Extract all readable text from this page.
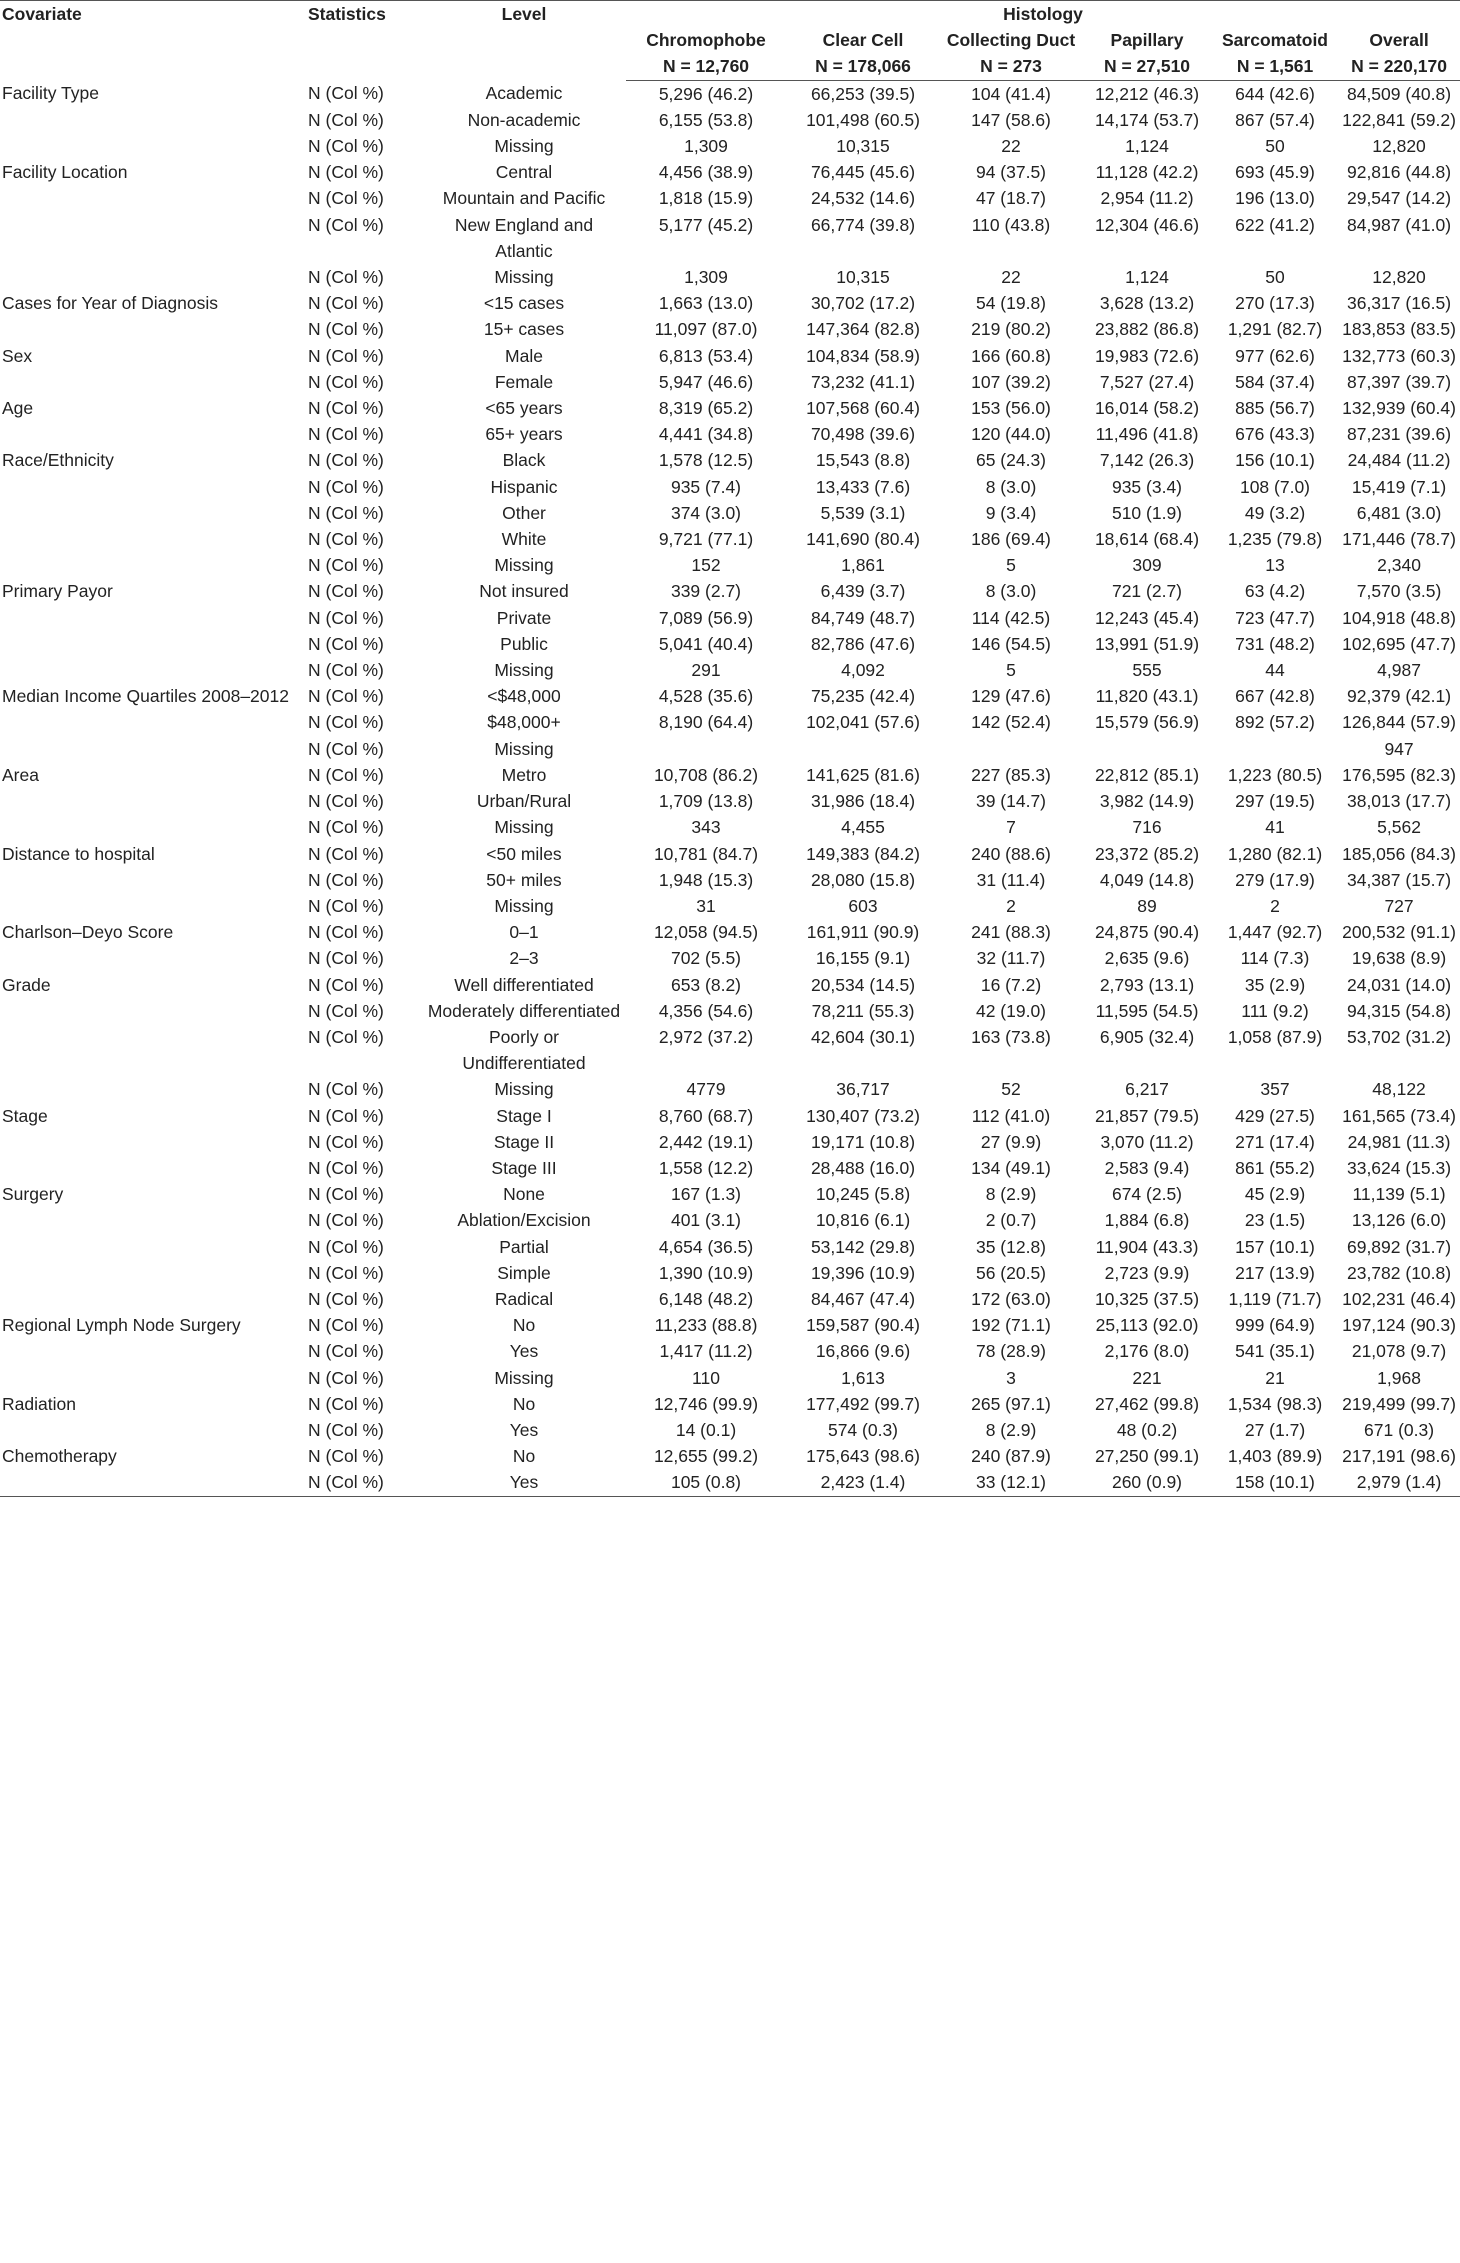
Covariate	Statistics	Level	Histology					
			Chromophobe	Clear Cell	Collecting Duct	Papillary	Sarcomatoid	Overall
			N = 12,760	N = 178,066	N = 273	N = 27,510	N = 1,561	N = 220,170
Facility Type	N (Col %)	Academic	5,296 (46.2)	66,253 (39.5)	104 (41.4)	12,212 (46.3)	644 (42.6)	84,509 (40.8)
	N (Col %)	Non-academic	6,155 (53.8)	101,498 (60.5)	147 (58.6)	14,174 (53.7)	867 (57.4)	122,841 (59.2)
	N (Col %)	Missing	1,309	10,315	22	1,124	50	12,820
Facility Location	N (Col %)	Central	4,456 (38.9)	76,445 (45.6)	94 (37.5)	11,128 (42.2)	693 (45.9)	92,816 (44.8)
	N (Col %)	Mountain and Pacific	1,818 (15.9)	24,532 (14.6)	47 (18.7)	2,954 (11.2)	196 (13.0)	29,547 (14.2)
	N (Col %)	New England and Atlantic	5,177 (45.2)	66,774 (39.8)	110 (43.8)	12,304 (46.6)	622 (41.2)	84,987 (41.0)
	N (Col %)	Missing	1,309	10,315	22	1,124	50	12,820
Cases for Year of Diagnosis	N (Col %)	<15 cases	1,663 (13.0)	30,702 (17.2)	54 (19.8)	3,628 (13.2)	270 (17.3)	36,317 (16.5)
	N (Col %)	15+ cases	11,097 (87.0)	147,364 (82.8)	219 (80.2)	23,882 (86.8)	1,291 (82.7)	183,853 (83.5)
Sex	N (Col %)	Male	6,813 (53.4)	104,834 (58.9)	166 (60.8)	19,983 (72.6)	977 (62.6)	132,773 (60.3)
	N (Col %)	Female	5,947 (46.6)	73,232 (41.1)	107 (39.2)	7,527 (27.4)	584 (37.4)	87,397 (39.7)
Age	N (Col %)	<65 years	8,319 (65.2)	107,568 (60.4)	153 (56.0)	16,014 (58.2)	885 (56.7)	132,939 (60.4)
	N (Col %)	65+ years	4,441 (34.8)	70,498 (39.6)	120 (44.0)	11,496 (41.8)	676 (43.3)	87,231 (39.6)
Race/Ethnicity	N (Col %)	Black	1,578 (12.5)	15,543 (8.8)	65 (24.3)	7,142 (26.3)	156 (10.1)	24,484 (11.2)
	N (Col %)	Hispanic	935 (7.4)	13,433 (7.6)	8 (3.0)	935 (3.4)	108 (7.0)	15,419 (7.1)
	N (Col %)	Other	374 (3.0)	5,539 (3.1)	9 (3.4)	510 (1.9)	49 (3.2)	6,481 (3.0)
	N (Col %)	White	9,721 (77.1)	141,690 (80.4)	186 (69.4)	18,614 (68.4)	1,235 (79.8)	171,446 (78.7)
	N (Col %)	Missing	152	1,861	5	309	13	2,340
Primary Payor	N (Col %)	Not insured	339 (2.7)	6,439 (3.7)	8 (3.0)	721 (2.7)	63 (4.2)	7,570 (3.5)
	N (Col %)	Private	7,089 (56.9)	84,749 (48.7)	114 (42.5)	12,243 (45.4)	723 (47.7)	104,918 (48.8)
	N (Col %)	Public	5,041 (40.4)	82,786 (47.6)	146 (54.5)	13,991 (51.9)	731 (48.2)	102,695 (47.7)
	N (Col %)	Missing	291	4,092	5	555	44	4,987
Median Income Quartiles 2008–2012	N (Col %)	<$48,000	4,528 (35.6)	75,235 (42.4)	129 (47.6)	11,820 (43.1)	667 (42.8)	92,379 (42.1)
	N (Col %)	$48,000+	8,190 (64.4)	102,041 (57.6)	142 (52.4)	15,579 (56.9)	892 (57.2)	126,844 (57.9)
	N (Col %)	Missing						947
Area	N (Col %)	Metro	10,708 (86.2)	141,625 (81.6)	227 (85.3)	22,812 (85.1)	1,223 (80.5)	176,595 (82.3)
	N (Col %)	Urban/Rural	1,709 (13.8)	31,986 (18.4)	39 (14.7)	3,982 (14.9)	297 (19.5)	38,013 (17.7)
	N (Col %)	Missing	343	4,455	7	716	41	5,562
Distance to hospital	N (Col %)	<50 miles	10,781 (84.7)	149,383 (84.2)	240 (88.6)	23,372 (85.2)	1,280 (82.1)	185,056 (84.3)
	N (Col %)	50+ miles	1,948 (15.3)	28,080 (15.8)	31 (11.4)	4,049 (14.8)	279 (17.9)	34,387 (15.7)
	N (Col %)	Missing	31	603	2	89	2	727
Charlson–Deyo Score	N (Col %)	0–1	12,058 (94.5)	161,911 (90.9)	241 (88.3)	24,875 (90.4)	1,447 (92.7)	200,532 (91.1)
	N (Col %)	2–3	702 (5.5)	16,155 (9.1)	32 (11.7)	2,635 (9.6)	114 (7.3)	19,638 (8.9)
Grade	N (Col %)	Well differentiated	653 (8.2)	20,534 (14.5)	16 (7.2)	2,793 (13.1)	35 (2.9)	24,031 (14.0)
	N (Col %)	Moderately differentiated	4,356 (54.6)	78,211 (55.3)	42 (19.0)	11,595 (54.5)	111 (9.2)	94,315 (54.8)
	N (Col %)	Poorly or Undifferentiated	2,972 (37.2)	42,604 (30.1)	163 (73.8)	6,905 (32.4)	1,058 (87.9)	53,702 (31.2)
	N (Col %)	Missing	4779	36,717	52	6,217	357	48,122
Stage	N (Col %)	Stage I	8,760 (68.7)	130,407 (73.2)	112 (41.0)	21,857 (79.5)	429 (27.5)	161,565 (73.4)
	N (Col %)	Stage II	2,442 (19.1)	19,171 (10.8)	27 (9.9)	3,070 (11.2)	271 (17.4)	24,981 (11.3)
	N (Col %)	Stage III	1,558 (12.2)	28,488 (16.0)	134 (49.1)	2,583 (9.4)	861 (55.2)	33,624 (15.3)
Surgery	N (Col %)	None	167 (1.3)	10,245 (5.8)	8 (2.9)	674 (2.5)	45 (2.9)	11,139 (5.1)
	N (Col %)	Ablation/Excision	401 (3.1)	10,816 (6.1)	2 (0.7)	1,884 (6.8)	23 (1.5)	13,126 (6.0)
	N (Col %)	Partial	4,654 (36.5)	53,142 (29.8)	35 (12.8)	11,904 (43.3)	157 (10.1)	69,892 (31.7)
	N (Col %)	Simple	1,390 (10.9)	19,396 (10.9)	56 (20.5)	2,723 (9.9)	217 (13.9)	23,782 (10.8)
	N (Col %)	Radical	6,148 (48.2)	84,467 (47.4)	172 (63.0)	10,325 (37.5)	1,119 (71.7)	102,231 (46.4)
Regional Lymph Node Surgery	N (Col %)	No	11,233 (88.8)	159,587 (90.4)	192 (71.1)	25,113 (92.0)	999 (64.9)	197,124 (90.3)
	N (Col %)	Yes	1,417 (11.2)	16,866 (9.6)	78 (28.9)	2,176 (8.0)	541 (35.1)	21,078 (9.7)
	N (Col %)	Missing	110	1,613	3	221	21	1,968
Radiation	N (Col %)	No	12,746 (99.9)	177,492 (99.7)	265 (97.1)	27,462 (99.8)	1,534 (98.3)	219,499 (99.7)
	N (Col %)	Yes	14 (0.1)	574 (0.3)	8 (2.9)	48 (0.2)	27 (1.7)	671 (0.3)
Chemotherapy	N (Col %)	No	12,655 (99.2)	175,643 (98.6)	240 (87.9)	27,250 (99.1)	1,403 (89.9)	217,191 (98.6)
	N (Col %)	Yes	105 (0.8)	2,423 (1.4)	33 (12.1)	260 (0.9)	158 (10.1)	2,979 (1.4)
